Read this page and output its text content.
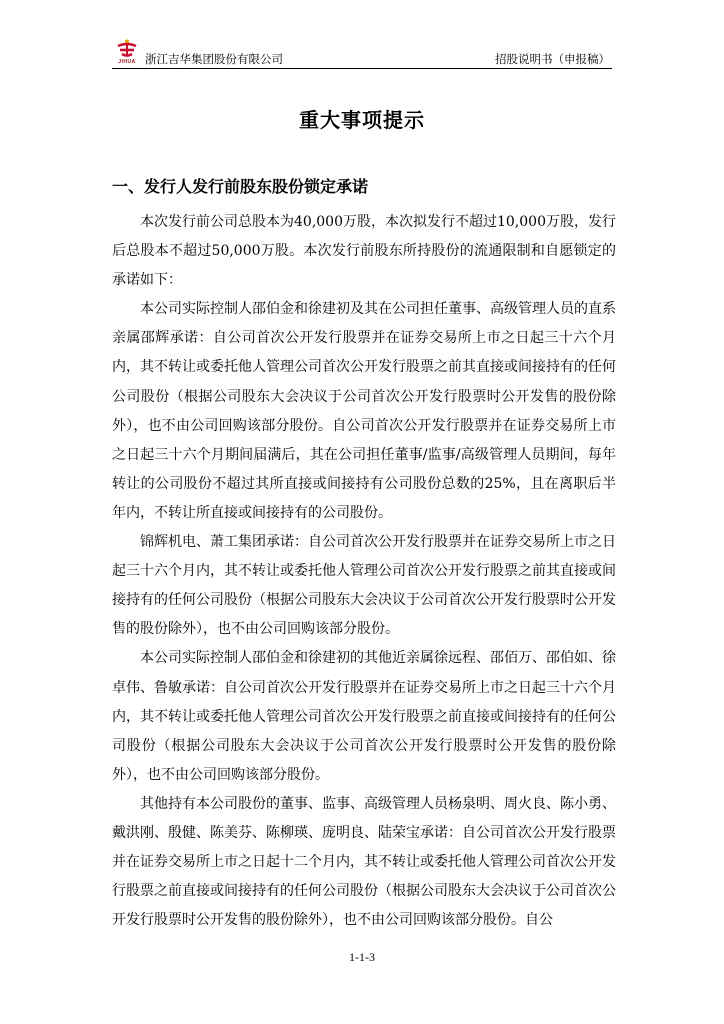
JIHUA 浙江吉华集团股份有限公司	招股说明书（申报稿）
重大事项提示
一、发行人发行前股东股份锁定承诺

本次发行前公司总股本为40,000万股，本次拟发行不超过10,000万股，发行后总股本不超过50,000万股。本次发行前股东所持股份的流通限制和自愿锁定的承诺如下：

本公司实际控制人邵伯金和徐建初及其在公司担任董事、高级管理人员的直系亲属邵辉承诺：自公司首次公开发行股票并在证券交易所上市之日起三十六个月内，其不转让或委托他人管理公司首次公开发行股票之前其直接或间接持有的任何公司股份（根据公司股东大会决议于公司首次公开发行股票时公开发售的股份除外），也不由公司回购该部分股份。自公司首次公开发行股票并在证券交易所上市之日起三十六个月期间届满后，其在公司担任董事/监事/高级管理人员期间，每年转让的公司股份不超过其所直接或间接持有公司股份总数的25%，且在离职后半年内，不转让所直接或间接持有的公司股份。

锦辉机电、萧工集团承诺：自公司首次公开发行股票并在证券交易所上市之日起三十六个月内，其不转让或委托他人管理公司首次公开发行股票之前其直接或间接持有的任何公司股份（根据公司股东大会决议于公司首次公开发行股票时公开发售的股份除外），也不由公司回购该部分股份。

本公司实际控制人邵伯金和徐建初的其他近亲属徐远程、邵佰万、邵伯如、徐卓伟、鲁敏承诺：自公司首次公开发行股票并在证券交易所上市之日起三十六个月内，其不转让或委托他人管理公司首次公开发行股票之前直接或间接持有的任何公司股份（根据公司股东大会决议于公司首次公开发行股票时公开发售的股份除外），也不由公司回购该部分股份。

其他持有本公司股份的董事、监事、高级管理人员杨泉明、周火良、陈小勇、戴洪刚、殷健、陈美芬、陈柳瑛、庞明良、陆荣宝承诺：自公司首次公开发行股票并在证券交易所上市之日起十二个月内，其不转让或委托他人管理公司首次公开发行股票之前直接或间接持有的任何公司股份（根据公司股东大会决议于公司首次公开发行股票时公开发售的股份除外），也不由公司回购该部分股份。自公

1-1-3
